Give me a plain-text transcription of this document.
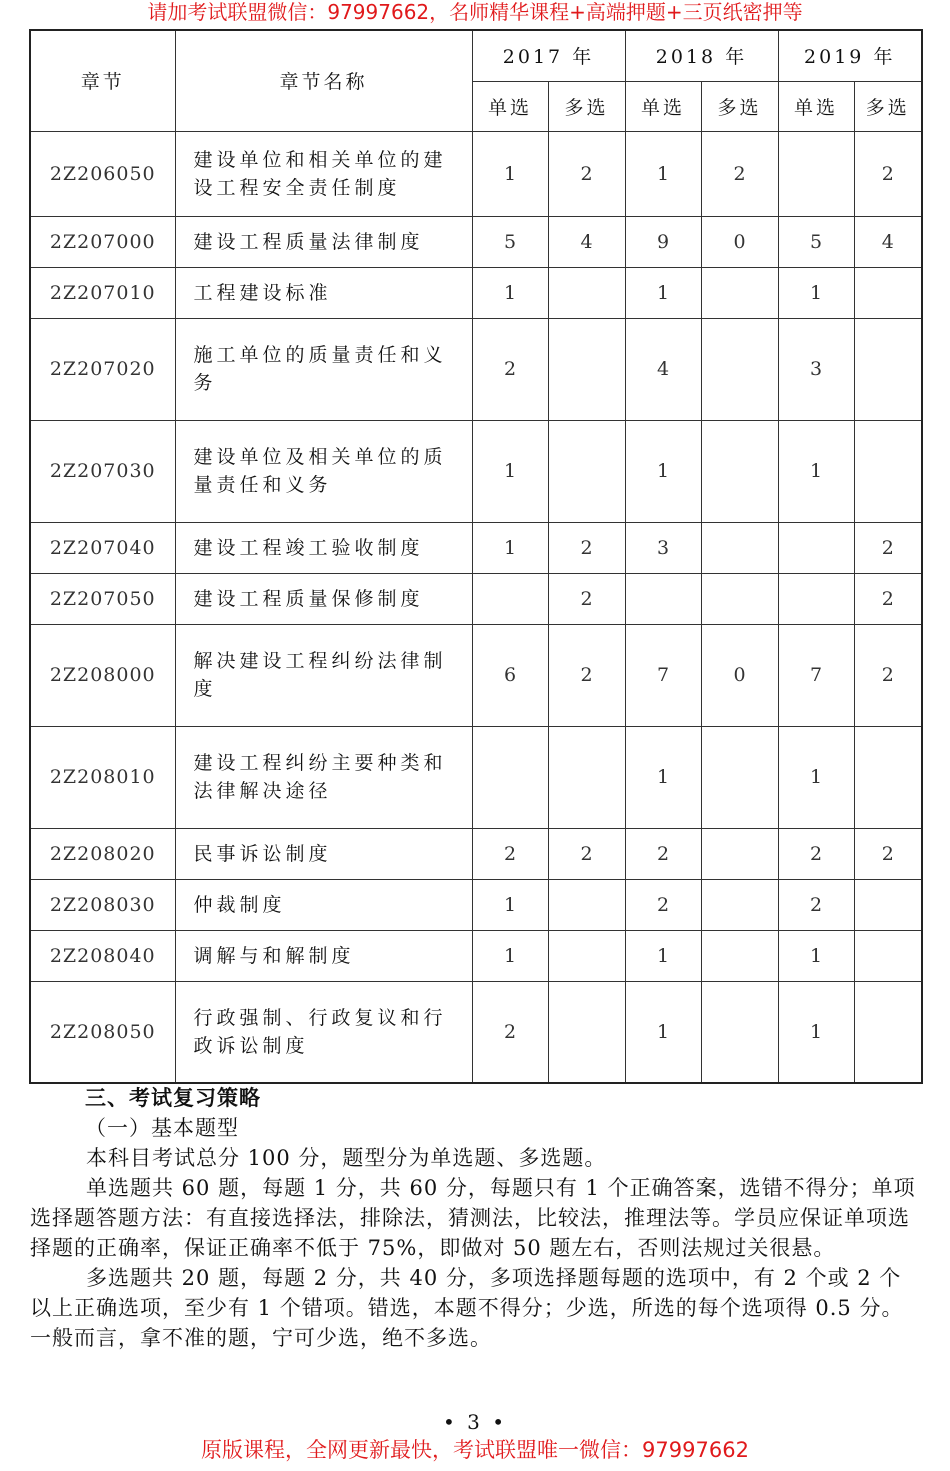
请加考试联盟微信：97997662，名师精华课程+高端押题+三页纸密押等
章节	章节名称	2017 年		2018 年		2019 年	
		单选	多选	单选	多选	单选	多选
2Z206050	建设单位和相关单位的建设工程安全责任制度	1	2	1	2		2
2Z207000	建设工程质量法律制度	5	4	9	0	5	4
2Z207010	工程建设标准	1		1		1	
2Z207020	施工单位的质量责任和义务	2		4		3	
2Z207030	建设单位及相关单位的质量责任和义务	1		1		1	
2Z207040	建设工程竣工验收制度	1	2	3			2
2Z207050	建设工程质量保修制度		2				2
2Z208000	解决建设工程纠纷法律制度	6	2	7	0	7	2
2Z208010	建设工程纠纷主要种类和法律解决途径			1		1	
2Z208020	民事诉讼制度	2	2	2		2	2
2Z208030	仲裁制度	1		2		2	
2Z208040	调解与和解制度	1		1		1	
2Z208050	行政强制、行政复议和行政诉讼制度	2		1		1	
三、考试复习策略
（一）基本题型

本科目考试总分 100 分，题型分为单选题、多选题。

单选题共 60 题，每题 1 分，共 60 分，每题只有 1 个正确答案，选错不得分；单项选择题答题方法：有直接选择法，排除法，猜测法，比较法，推理法等。学员应保证单项选择题的正确率，保证正确率不低于 75%，即做对 50 题左右，否则法规过关很悬。

多选题共 20 题，每题 2 分，共 40 分，多项选择题每题的选项中，有 2 个或 2 个以上正确选项，至少有 1 个错项。错选，本题不得分；少选，所选的每个选项得 0.5 分。一般而言，拿不准的题，宁可少选，绝不多选。

• 3 •
原版课程，全网更新最快，考试联盟唯一微信：97997662
